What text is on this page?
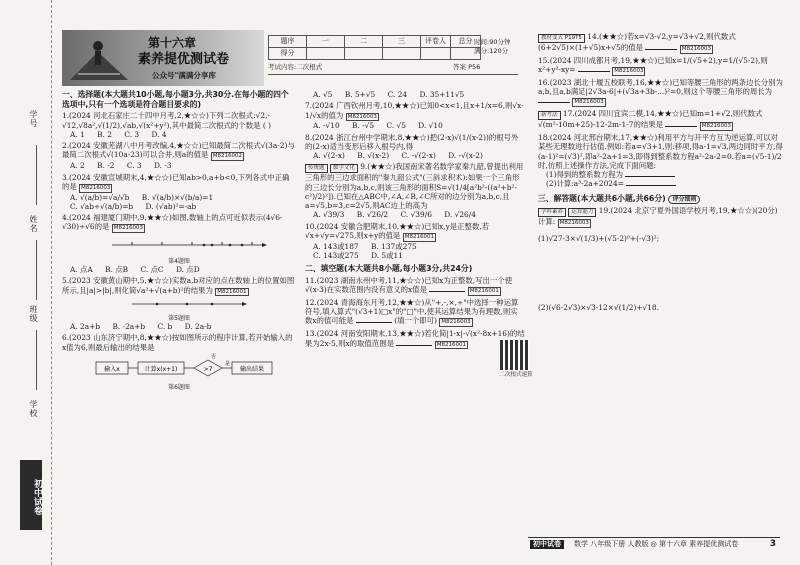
学号
姓名
班级
学校
初中试卷
第十六章
素养提优测试卷
公众号"满满分享库
题序	一	二	三	评卷人	总分
得分					
时间:90分钟
满分:120分
考试内容:二次根式	答案 P56
一、选择题(本大题共10小题,每小题3分,共30分.在每小题的四个选项中,只有一个选项是符合题目要求的)
1.(2024 河北石家庄二十四中月考,2,★☆☆)下列二次根式:√2,-√12,√8a²,√(1/2),√ab,√(x²+y²),其中最简二次根式的个数是 ( )
A. 1 B. 2 C. 3 D. 4
2.(2024 安徽芜湖八中月考改编,4,★☆☆)已知最简二次根式√(3a-2)与最简二次根式√(10a-23)可以合并,则a的值是 M8216002
A. 2 B. -2 C. 3 D. -3
3.(2024 安徽宣城期末,4,★☆☆)已知ab>0,a+b<0,下列各式中正确的是 M8216003
A. √(a/b)=√a/√b B. √(a/b)×√(b/a)=1
C. √ab÷√(a/b)=b D. (√ab)²=-ab
4.(2024 福建厦门期中,9,★★☆)如图,数轴上的点可近似表示(4√6-√30)÷√6的是 M8216003
第4题图
A. 点A B. 点B C. 点C D. 点D
5.(2023 安徽黄山期中,5,★☆☆)实数a,b对应的点在数轴上的位置如图所示,且|a|>|b|,则化简√a²+√(a+b)²的结果为 M8216001
第5题图
A. 2a+b B. -2a+b C. b D. 2a-b
6.(2023 山东济宁期中,8,★★☆)按如图所示的程序计算,若开始输入的x值为6,则最后输出的结果是
输入x	计算x(x+1)	>7
是
输出结果
否
第6题图
A. √5 B. 5+√5 C. 24 D. 35+11√5
7.(2024 广西钦州月考,10,★★☆)已知0<x<1,且x+1/x=6,则√x-1/√x的值为 M8216003
A. -√10 B. -√5 C. √5 D. √10
8.(2024 浙江台州中学期末,8,★★☆)把(2-x)√(1/(x-2))的根号外的(2-x)适当变形后移入根号内,得
A. √(2-x) B. √(x-2) C. -√(2-x) D. -√(x-2)
传统题 数学文化 9.(★★☆)我国南宋著名数学家秦九韶,曾提出利用三角形的三边求面积的"秦九韶公式"(三斜求积术):如果一个三角形的三边长分别为a,b,c,则该三角形的面积S=√(1/4[a²b²-((a²+b²-c²)/2)²]).已知在△ABC中,∠A,∠B,∠C所对的边分别为a,b,c,且a=√5,b=3,c=2√5,则AC边上的高为
A. √39/3 B. √26/2 C. √39/6 D. √26/4
10.(2024 安徽合肥期末,10,★★☆)已知x,y是正整数,若√x+√y=√275,则x+y的值是 M8216001
A. 143或187 B. 137或275
C. 143或275 D. 5或11
二、填空题(本大题共8小题,每小题3分,共24分)
11.(2023 湖南永州中考,11,★☆☆)已知x为正整数,写出一个使√(x-3)在实数范围内没有意义的x值是	M8216001
12.(2024 青海海东月考,12,★★☆)从"+,-,×,÷"中选择一种运算符号,填入算式"(√3+1)□x"的"□"中,使其运算结果为有理数,则实数x的值可能是	(填一个即可) M8216003
13.(2024 河南安阳期末,13,★★☆)若化简|1-x|-√(x²-8x+16)的结果为2x-5,则x的取值范围是	M8216001
二次根式速算
教材变式 P19T5 14.(★★☆)若x=√3-√2,y=√3+√2,则代数式(6+2√5)×(1+√5)x+√5的值是	M8216003
15.(2024 四川成都月考,19,★★☆)已知x=1/(√5+2),y=1/(√5-2),则x²+y²-xy=	M8216003
16.(2023 湖北十堰五校联考,16,★★☆)已知等腰三角形的两条边长分别为a,b,且a,b满足|2√3a-6|+(√3a+3b-...)²=0,则这个等腰三角形的周长为  M8216003
新考法 17.(2024 四川宜宾二模,14,★★☆)已知m=1+√2,则代数式√(m²-10m+25)-12-2m-1-7的结果是	M8216003
18.(2024 河北邢台期末,17,★★☆)利用平方与开平方互为逆运算,可以对某些无理数进行估值.例如:若a=√3+1,则:移项,得a-1=√3,两边同时平方,得(a-1)²=(√3)²,即a²-2a+1=3,即得到整系数方程a²-2a-2=0.若a=(√5-1)/2时,仿照上述操作方法,完成下面问题:
(1)得到的整系数方程为
(2)计算:a³-2a+2024=
三、解答题(本大题共6小题,共66分) 评分细则
学科素养 运算能力 19.(2024 北京宁夏外国语学校月考,19,★☆☆)(20分)计算: M8216003
(1)√27-3×√(1/3)+(√5-2)⁰+(-√3)²;
(2)(√6-2√3)×√3-12×√(1/2)+√18.
初中试卷	数学 八年级下册 人教版 ◎ 第十六章 素养提优测试卷	3
